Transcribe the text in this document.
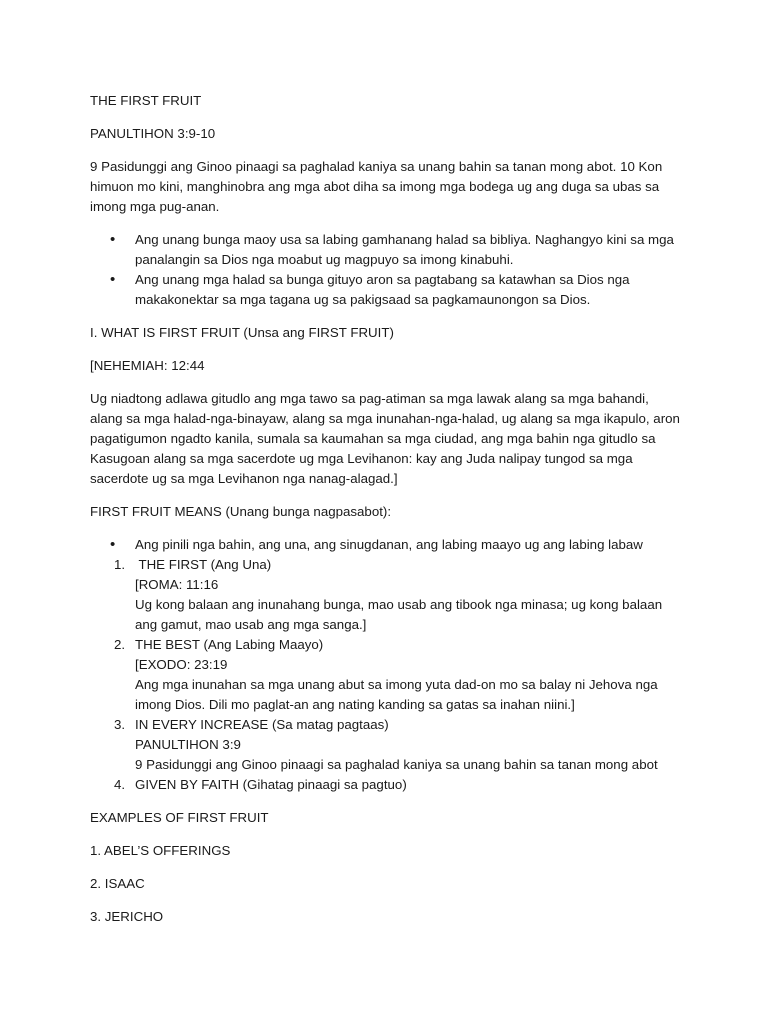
THE FIRST FRUIT

PANULTIHON 3:9-10

9 Pasidunggi ang Ginoo pinaagi sa paghalad kaniya sa unang bahin sa tanan mong abot. 10 Kon himuon mo kini, manghinobra ang mga abot diha sa imong mga bodega ug ang duga sa ubas sa imong mga pug-anan.

• Ang unang bunga maoy usa sa labing gamhanang halad sa bibliya. Naghangyo kini sa mga panalangin sa Dios nga moabut ug magpuyo sa imong kinabuhi.
• Ang unang mga halad sa bunga gituyo aron sa pagtabang sa katawhan sa Dios nga makakonektar sa mga tagana ug sa pakigsaad sa pagkamaunongon sa Dios.

I. WHAT IS FIRST FRUIT (Unsa ang FIRST FRUIT)

[NEHEMIAH: 12:44

Ug niadtong adlawa gitudlo ang mga tawo sa pag-atiman sa mga lawak alang sa mga bahandi, alang sa mga halad-nga-binayaw, alang sa mga inunahan-nga-halad, ug alang sa mga ikapulo, aron pagatigumon ngadto kanila, sumala sa kaumahan sa mga ciudad, ang mga bahin nga gitudlo sa Kasugoan alang sa mga sacerdote ug mga Levihanon: kay ang Juda nalipay tungod sa mga sacerdote ug sa mga Levihanon nga nanag-alagad.]

FIRST FRUIT MEANS (Unang bunga nagpasabot):

• Ang pinili nga bahin, ang una, ang sinugdanan, ang labing maayo ug ang labing labaw
1. THE FIRST (Ang Una)
[ROMA: 11:16
Ug kong balaan ang inunahang bunga, mao usab ang tibook nga minasa; ug kong balaan ang gamut, mao usab ang mga sanga.]
2. THE BEST (Ang Labing Maayo)
[EXODO: 23:19
Ang mga inunahan sa mga unang abut sa imong yuta dad-on mo sa balay ni Jehova nga imong Dios. Dili mo paglat-an ang nating kanding sa gatas sa inahan niini.]
3. IN EVERY INCREASE (Sa matag pagtaas)
PANULTIHON 3:9
9 Pasidunggi ang Ginoo pinaagi sa paghalad kaniya sa unang bahin sa tanan mong abot
4. GIVEN BY FAITH (Gihatag pinaagi sa pagtuo)

EXAMPLES OF FIRST FRUIT

1. ABEL’S OFFERINGS

2. ISAAC

3. JERICHO
